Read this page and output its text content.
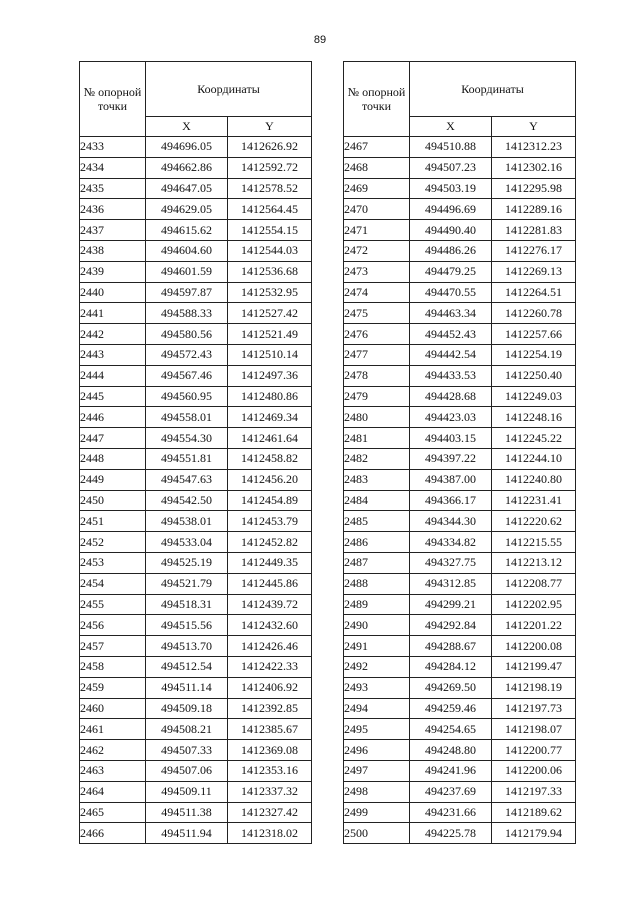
89
№ опорной точки	Координаты	
	X	Y
2433	494696.05	1412626.92
2434	494662.86	1412592.72
2435	494647.05	1412578.52
2436	494629.05	1412564.45
2437	494615.62	1412554.15
2438	494604.60	1412544.03
2439	494601.59	1412536.68
2440	494597.87	1412532.95
2441	494588.33	1412527.42
2442	494580.56	1412521.49
2443	494572.43	1412510.14
2444	494567.46	1412497.36
2445	494560.95	1412480.86
2446	494558.01	1412469.34
2447	494554.30	1412461.64
2448	494551.81	1412458.82
2449	494547.63	1412456.20
2450	494542.50	1412454.89
2451	494538.01	1412453.79
2452	494533.04	1412452.82
2453	494525.19	1412449.35
2454	494521.79	1412445.86
2455	494518.31	1412439.72
2456	494515.56	1412432.60
2457	494513.70	1412426.46
2458	494512.54	1412422.33
2459	494511.14	1412406.92
2460	494509.18	1412392.85
2461	494508.21	1412385.67
2462	494507.33	1412369.08
2463	494507.06	1412353.16
2464	494509.11	1412337.32
2465	494511.38	1412327.42
2466	494511.94	1412318.02
№ опорной точки	Координаты	
	X	Y
2467	494510.88	1412312.23
2468	494507.23	1412302.16
2469	494503.19	1412295.98
2470	494496.69	1412289.16
2471	494490.40	1412281.83
2472	494486.26	1412276.17
2473	494479.25	1412269.13
2474	494470.55	1412264.51
2475	494463.34	1412260.78
2476	494452.43	1412257.66
2477	494442.54	1412254.19
2478	494433.53	1412250.40
2479	494428.68	1412249.03
2480	494423.03	1412248.16
2481	494403.15	1412245.22
2482	494397.22	1412244.10
2483	494387.00	1412240.80
2484	494366.17	1412231.41
2485	494344.30	1412220.62
2486	494334.82	1412215.55
2487	494327.75	1412213.12
2488	494312.85	1412208.77
2489	494299.21	1412202.95
2490	494292.84	1412201.22
2491	494288.67	1412200.08
2492	494284.12	1412199.47
2493	494269.50	1412198.19
2494	494259.46	1412197.73
2495	494254.65	1412198.07
2496	494248.80	1412200.77
2497	494241.96	1412200.06
2498	494237.69	1412197.33
2499	494231.66	1412189.62
2500	494225.78	1412179.94
